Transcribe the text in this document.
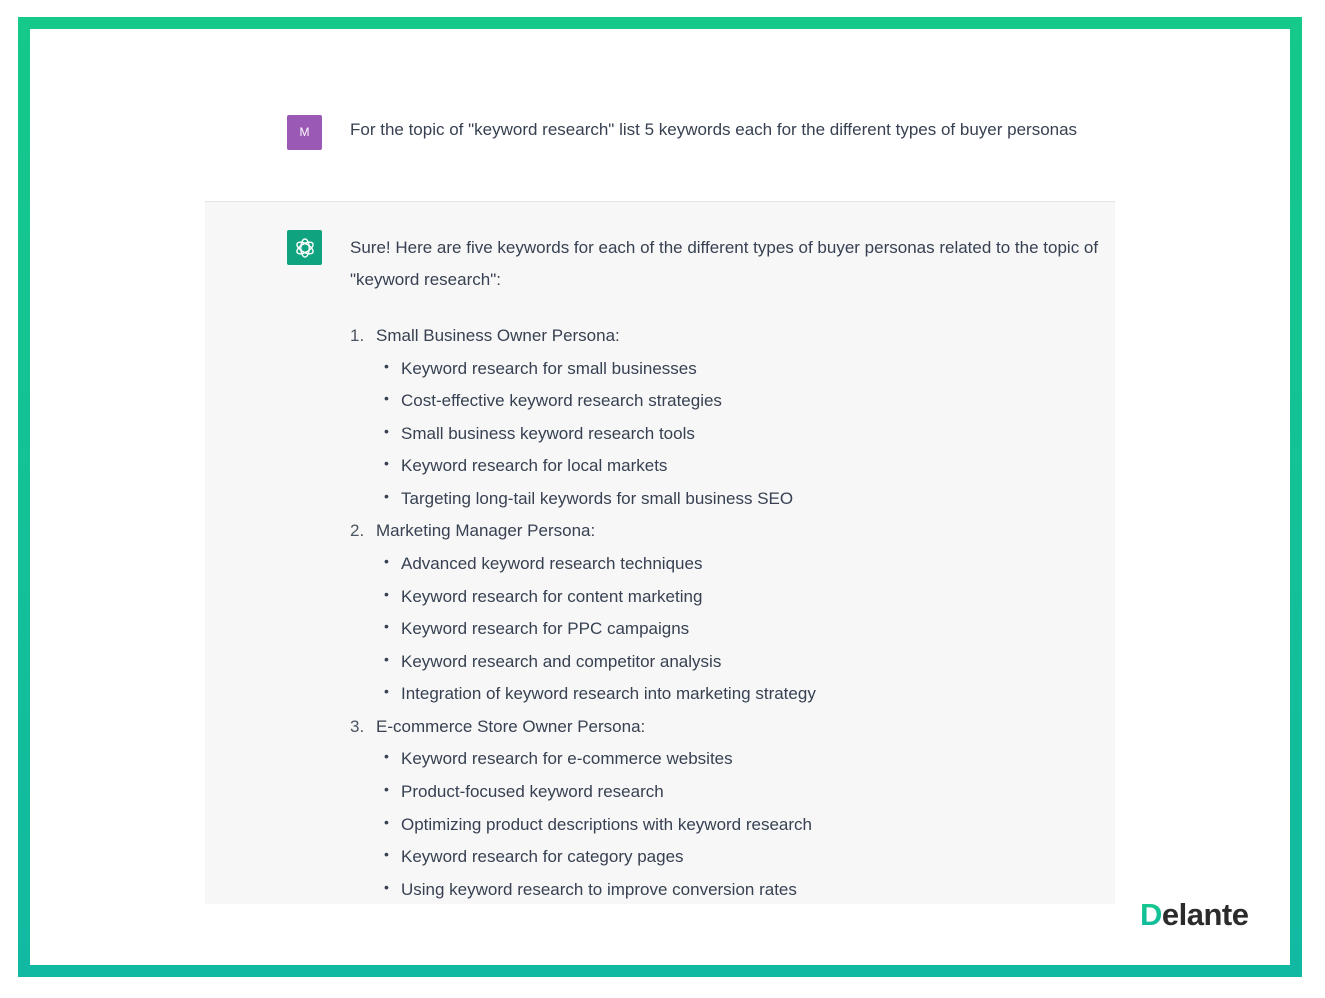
M	For the topic of "keyword research" list 5 keywords each for the different types of buyer personas

Sure! Here are five keywords for each of the different types of buyer personas related to the topic of "keyword research":

1. Small Business Owner Persona:
• Keyword research for small businesses
• Cost-effective keyword research strategies
• Small business keyword research tools
• Keyword research for local markets
• Targeting long-tail keywords for small business SEO
2. Marketing Manager Persona:
• Advanced keyword research techniques
• Keyword research for content marketing
• Keyword research for PPC campaigns
• Keyword research and competitor analysis
• Integration of keyword research into marketing strategy
3. E-commerce Store Owner Persona:
• Keyword research for e-commerce websites
• Product-focused keyword research
• Optimizing product descriptions with keyword research
• Keyword research for category pages
• Using keyword research to improve conversion rates
Delante
